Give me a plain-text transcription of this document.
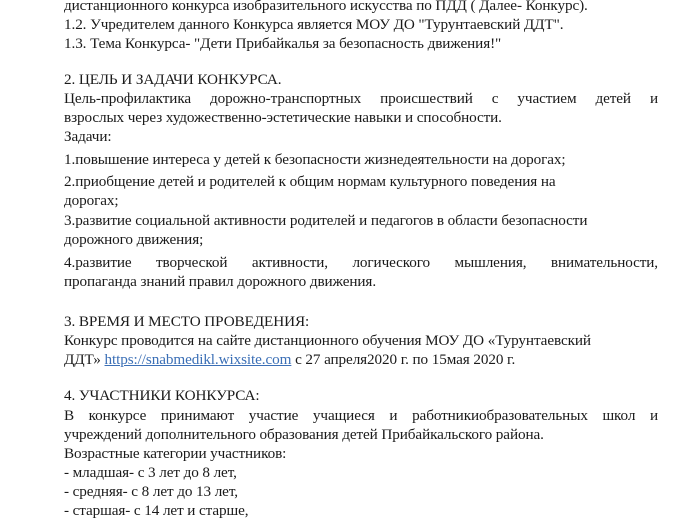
дистанционного конкурса изобразительного искусства по ПДД ( Далее- Конкурс).
1.2. Учредителем данного Конкурса является МОУ ДО "Турунтаевский ДДТ".
1.3. Тема Конкурса- "Дети Прибайкалья за безопасность движения!"
2. ЦЕЛЬ И ЗАДАЧИ КОНКУРСА.
Цель-профилактика дорожно-транспортных происшествий с участием детей и
взрослых через художественно-эстетические навыки и способности.
Задачи:
1.повышение интереса у детей к безопасности жизнедеятельности на дорогах;
2.приобщение детей и родителей к общим нормам культурного поведения на
дорогах;
3.развитие социальной активности родителей и педагогов в области безопасности
дорожного движения;
4.развитие творческой активности, логического мышления, внимательности,
пропаганда знаний правил дорожного движения.
3. ВРЕМЯ И МЕСТО ПРОВЕДЕНИЯ:
Конкурс проводится на сайте дистанционного обучения МОУ ДО «Турунтаевский
ДДТ» https://snabmedikl.wixsite.com с 27 апреля2020 г. по 15мая 2020 г.
4. УЧАСТНИКИ КОНКУРСА:
В конкурсе принимают участие учащиеся и работникиобразовательных школ и
учреждений дополнительного образования детей Прибайкальского района.
Возрастные категории участников:
- младшая- с 3 лет до 8 лет,
- средняя- с 8 лет до 13 лет,
- старшая- с 14 лет и старше,
